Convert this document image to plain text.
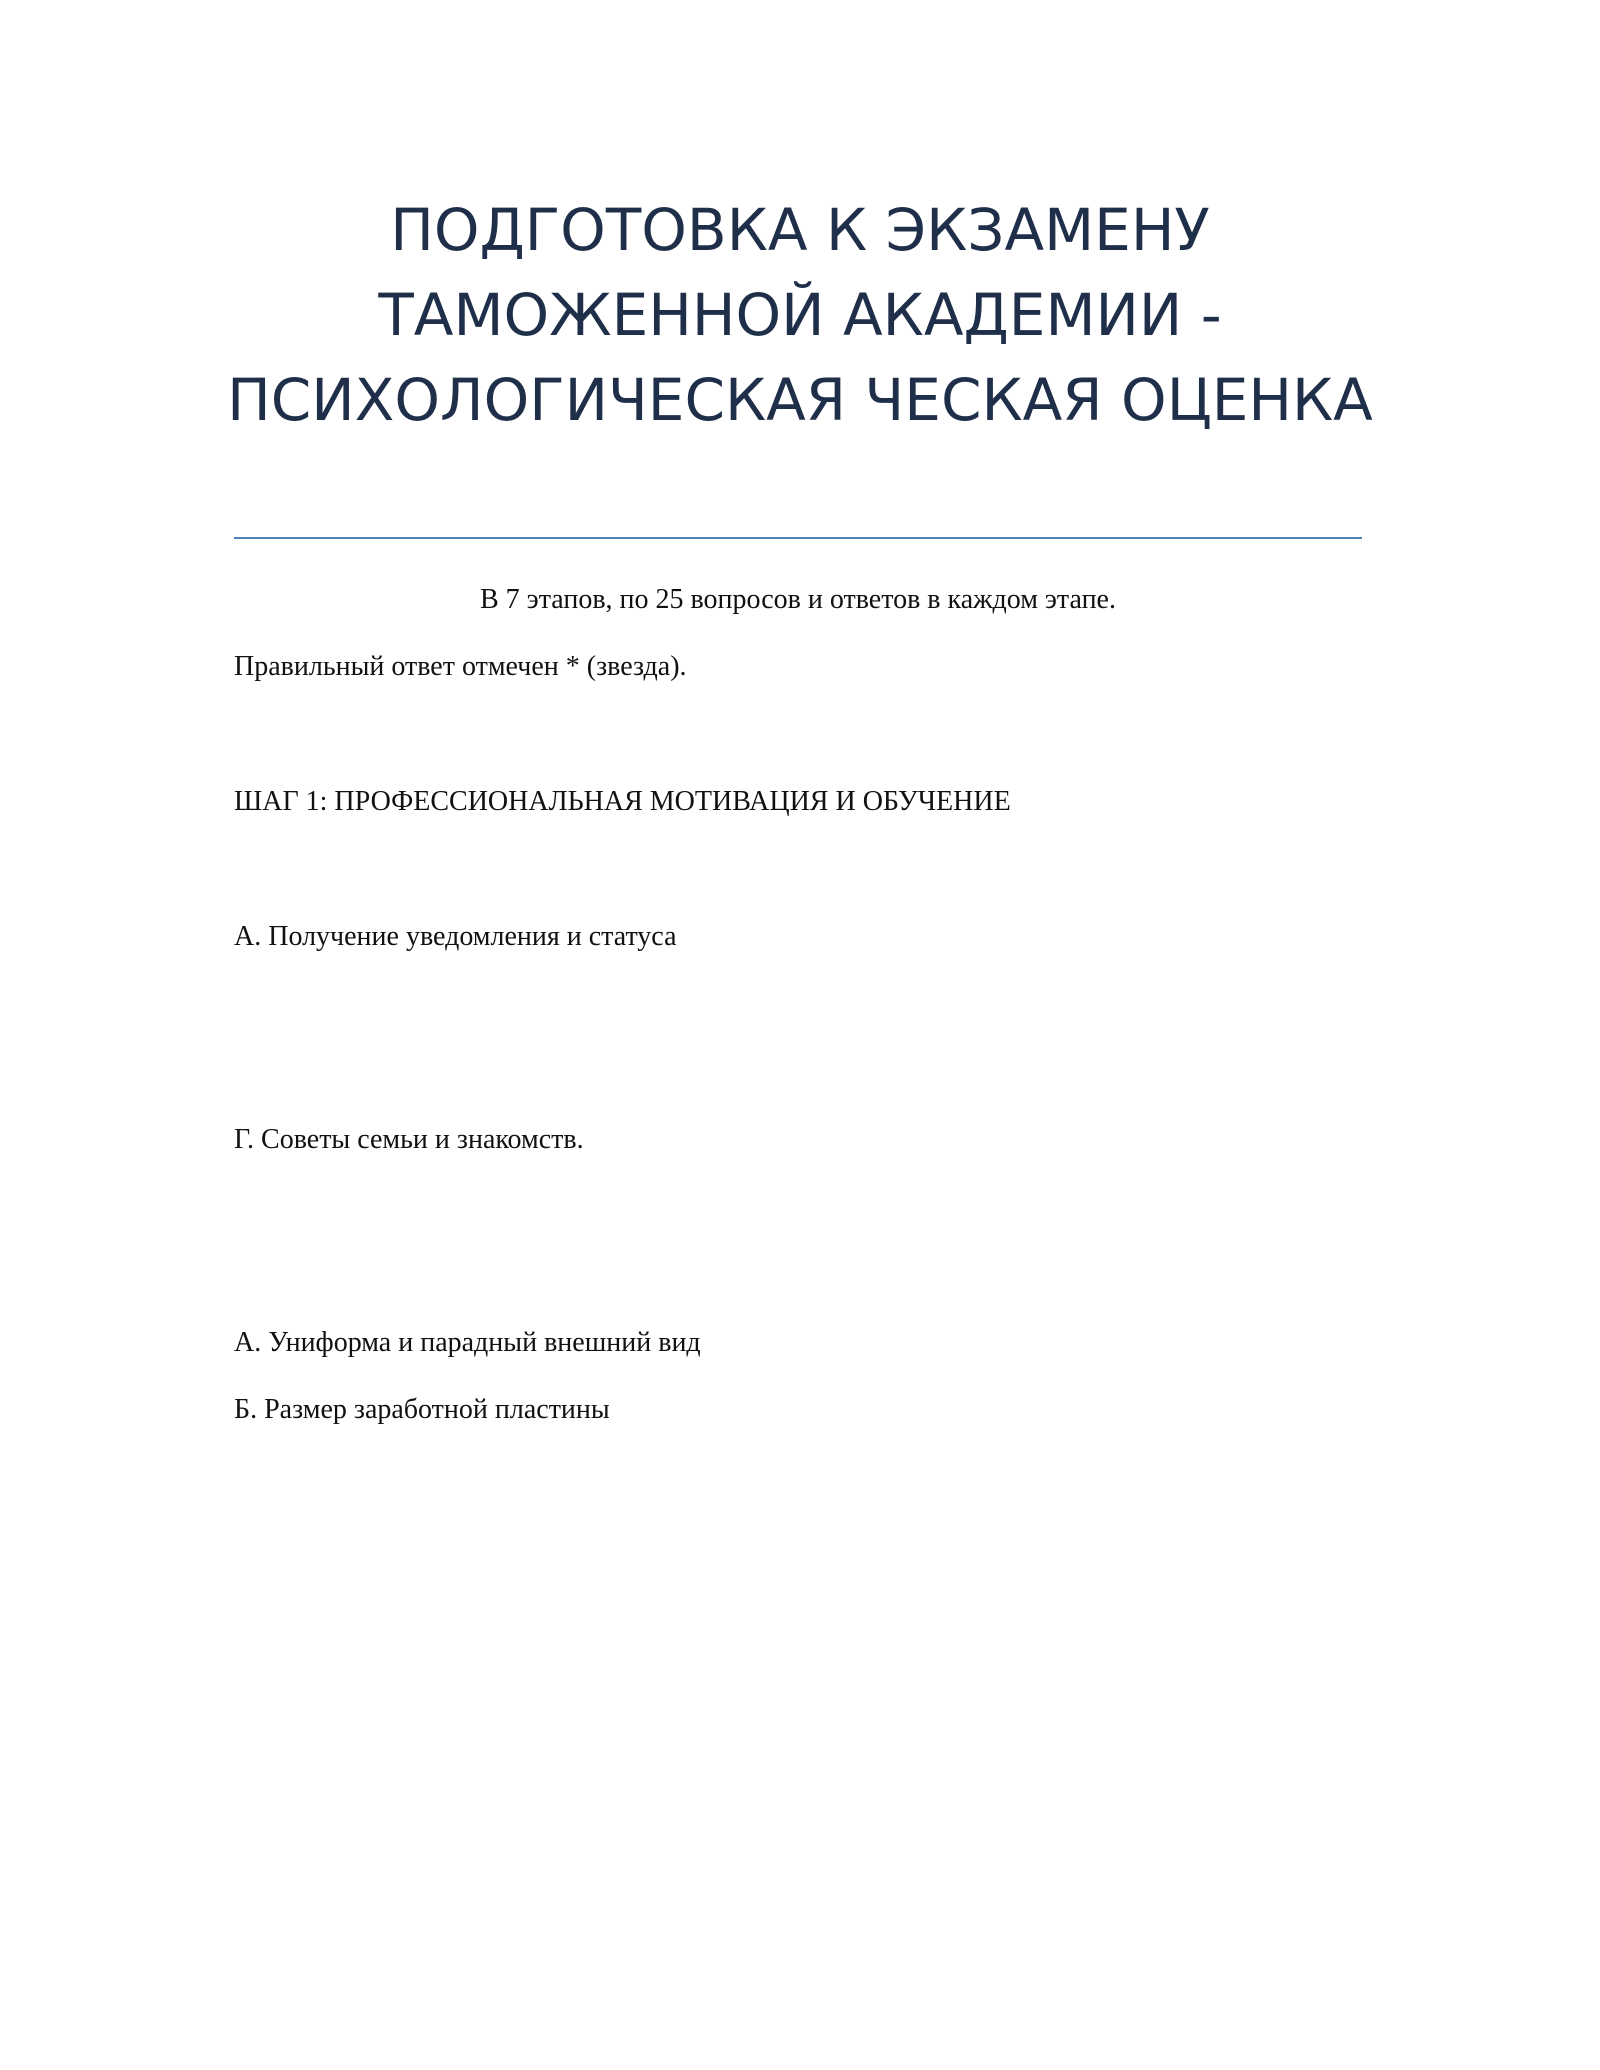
ПОДГОТОВКА К ЭКЗАМЕНУ
ТАМОЖЕННОЙ АКАДЕМИИ -
ПСИХОЛОГИЧЕСКАЯ ЧЕСКАЯ ОЦЕНКА

В 7 этапов, по 25 вопросов и ответов в каждом этапе.

Правильный ответ отмечен * (звезда).

ШАГ 1: ПРОФЕССИОНАЛЬНАЯ МОТИВАЦИЯ И ОБУЧЕНИЕ

А. Получение уведомления и статуса

Г. Советы семьи и знакомств.

А. Униформа и парадный внешний вид

Б. Размер заработной пластины
